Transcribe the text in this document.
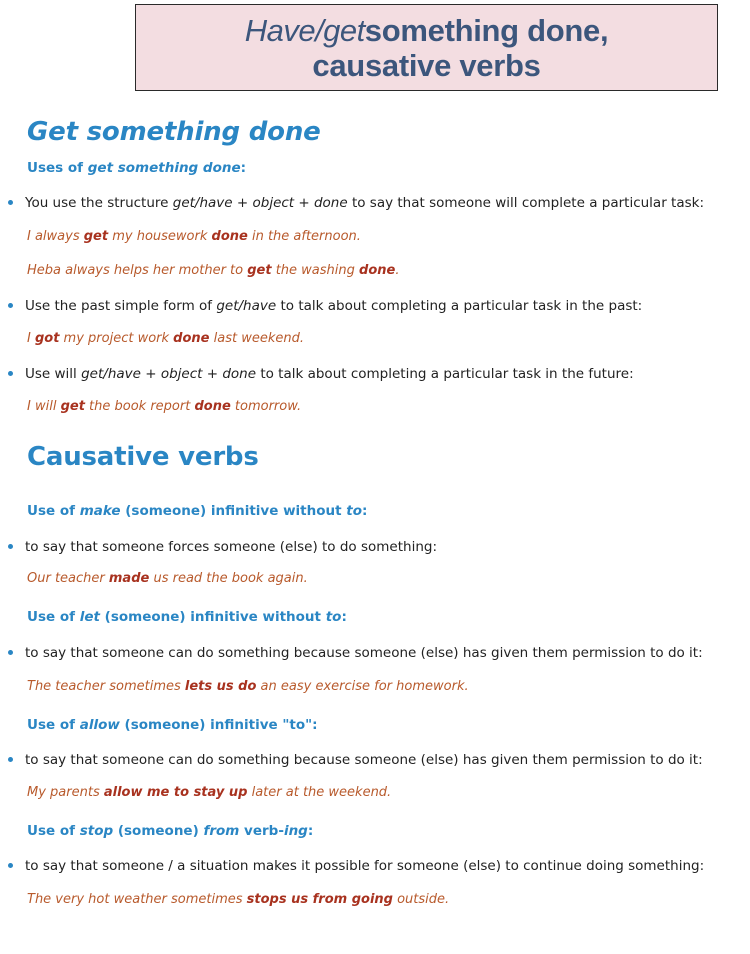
Have/getsomething done,
causative verbs
Get something done

Uses of get something done:

You use the structure get/have + object + done to say that someone will complete a particular task:
I always get my housework done in the afternoon.
Heba always helps her mother to get the washing done.
Use the past simple form of get/have to talk about completing a particular task in the past:
I got my project work done last weekend.
Use will get/have + object + done to talk about completing a particular task in the future:
I will get the book report done tomorrow.
Causative verbs

Use of make (someone) infinitive without to:

to say that someone forces someone (else) to do something:
Our teacher made us read the book again.

Use of let (someone) infinitive without to:

to say that someone can do something because someone (else) has given them permission to do it:
The teacher sometimes lets us do an easy exercise for homework.

Use of allow (someone) infinitive "to":

to say that someone can do something because someone (else) has given them permission to do it:
My parents allow me to stay up later at the weekend.

Use of stop (someone) from verb-ing:

to say that someone / a situation makes it possible for someone (else) to continue doing something:
The very hot weather sometimes stops us from going outside.
